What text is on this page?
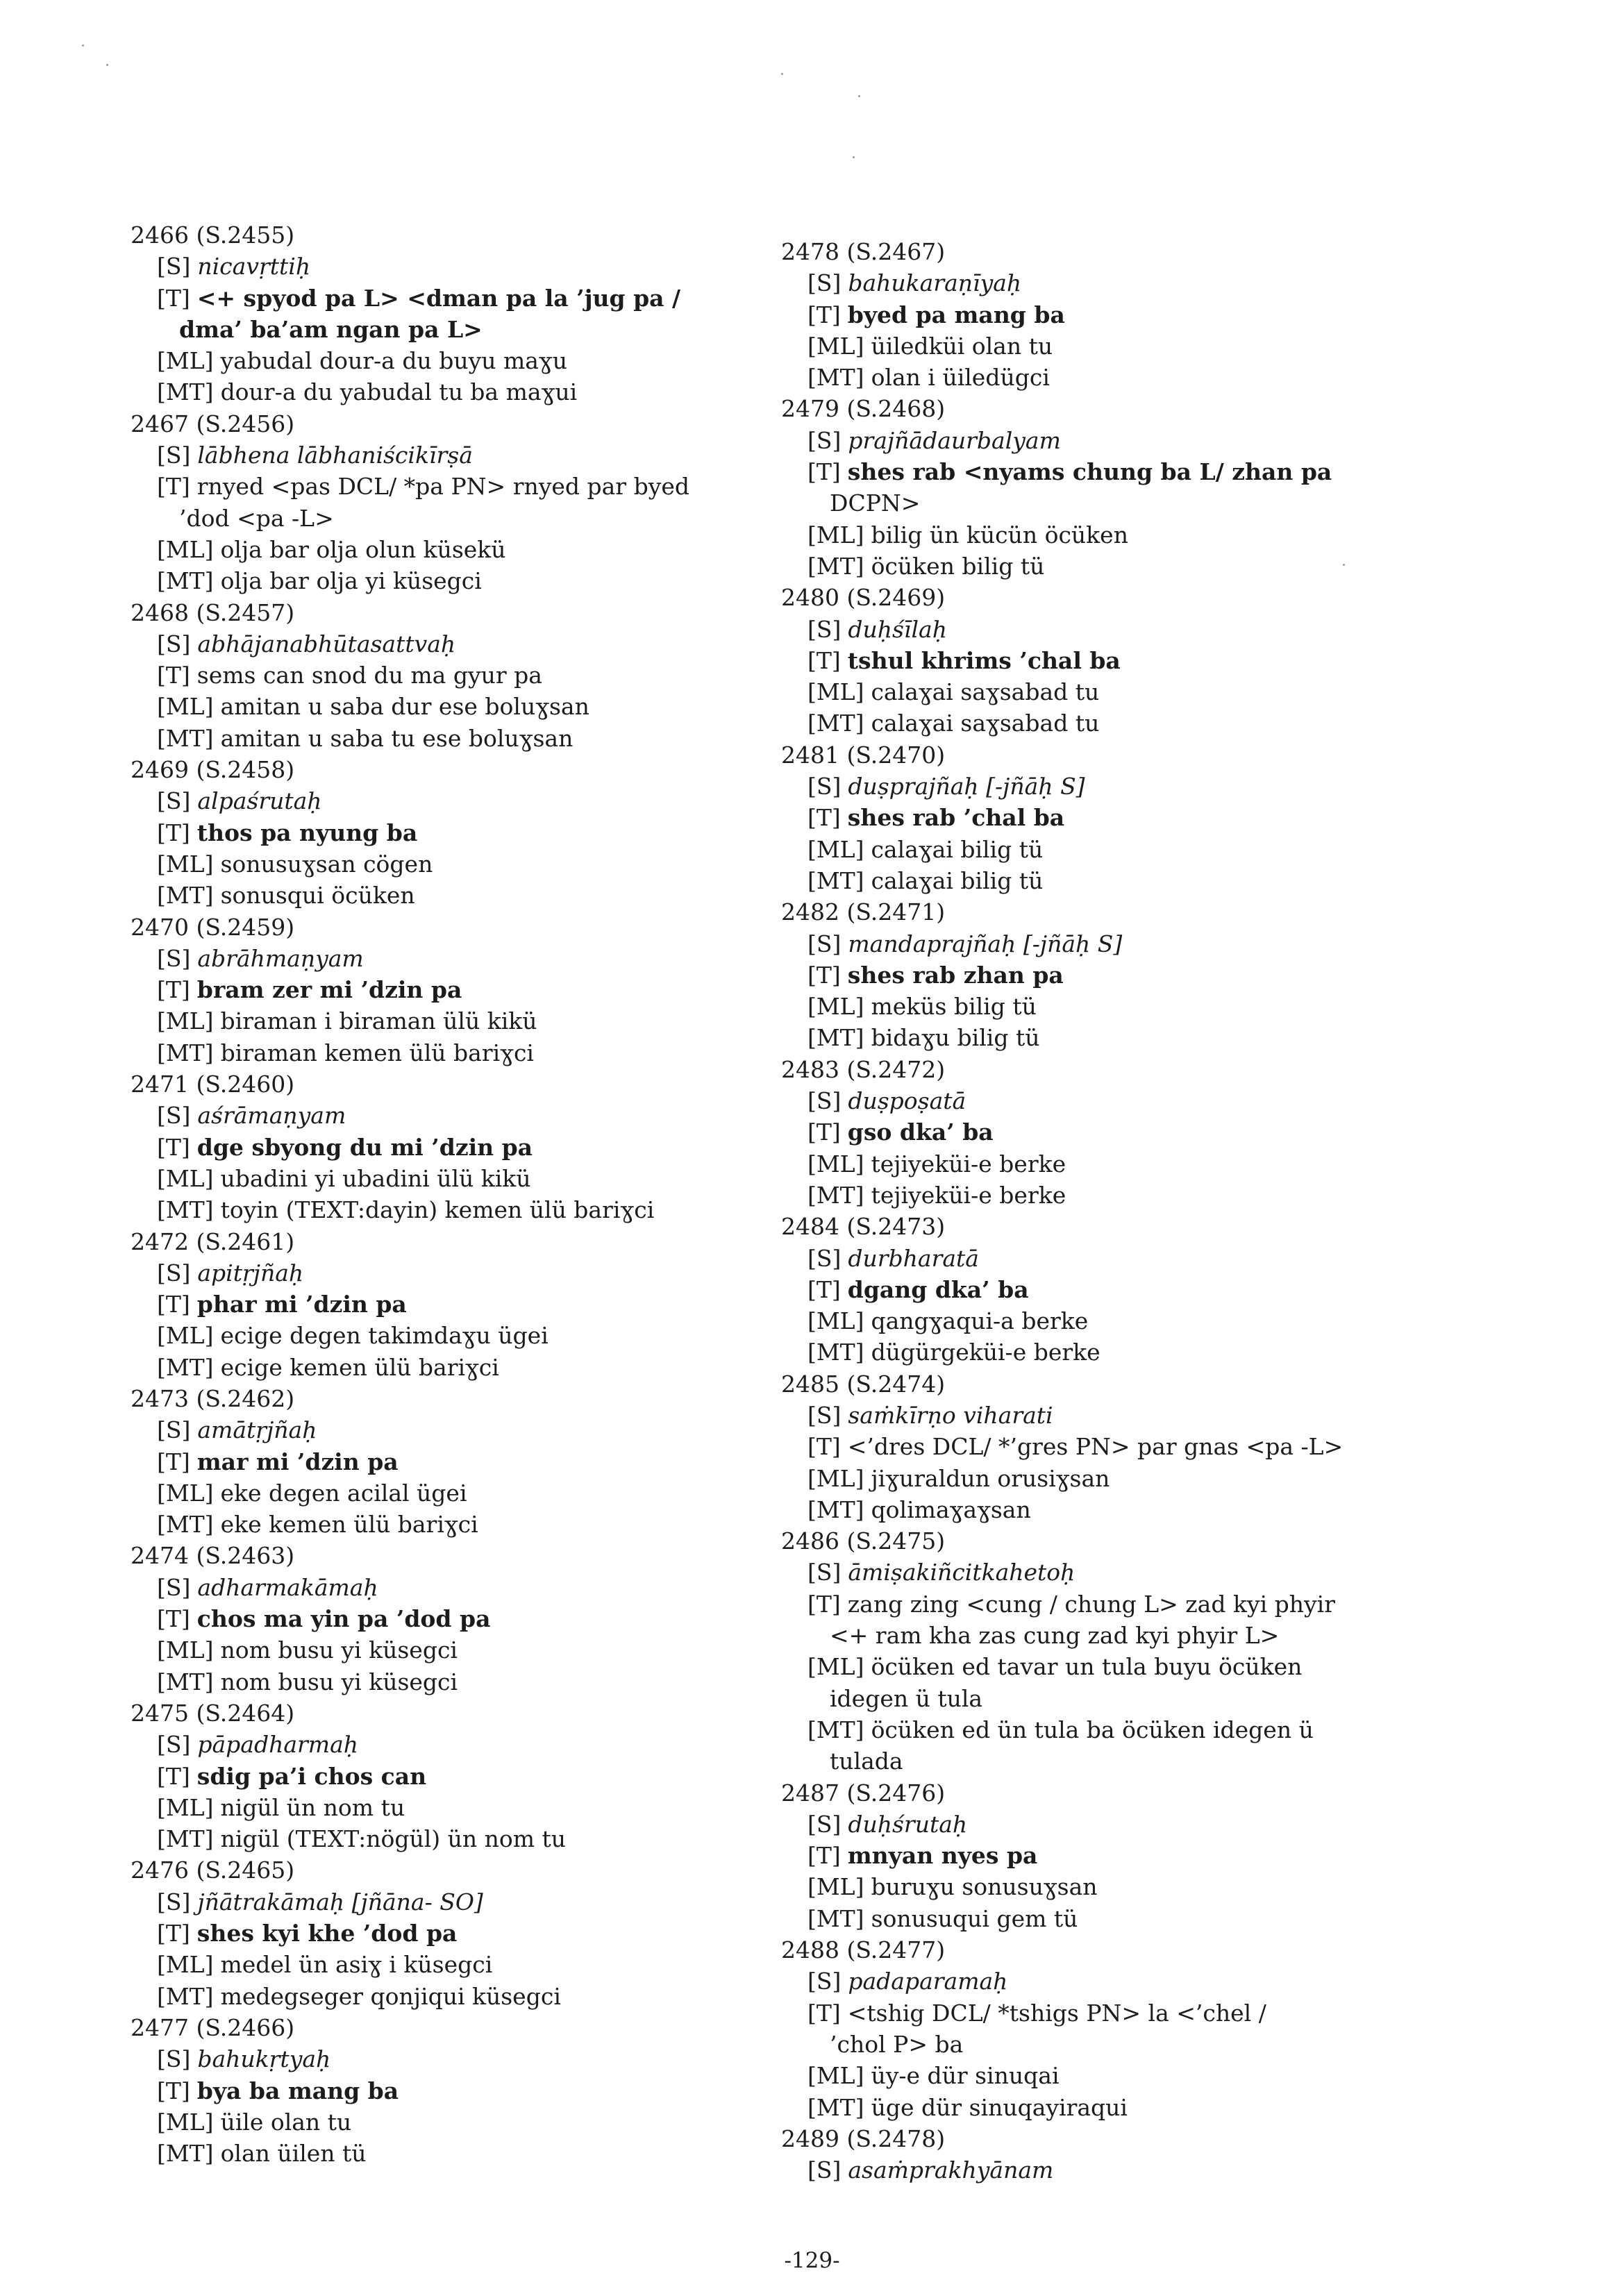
2466 (S.2455)
[S] nicavṛttiḥ
[T] <+ spyod pa L> <dman pa la ’jug pa /
dma’ ba’am ngan pa L>
[ML] yabudal dour-a du buyu maɣu
[MT] dour-a du yabudal tu ba maɣui
2467 (S.2456)
[S] lābhena lābhaniścikīrṣā
[T] rnyed <pas DCL/ *pa PN> rnyed par byed
’dod <pa -L>
[ML] olja bar olja olun küsekü
[MT] olja bar olja yi küsegci
2468 (S.2457)
[S] abhājanabhūtasattvaḥ
[T] sems can snod du ma gyur pa
[ML] amitan u saba dur ese boluɣsan
[MT] amitan u saba tu ese boluɣsan
2469 (S.2458)
[S] alpaśrutaḥ
[T] thos pa nyung ba
[ML] sonusuɣsan cögen
[MT] sonusqui öcüken
2470 (S.2459)
[S] abrāhmaṇyam
[T] bram zer mi ’dzin pa
[ML] biraman i biraman ülü kikü
[MT] biraman kemen ülü bariɣci
2471 (S.2460)
[S] aśrāmaṇyam
[T] dge sbyong du mi ’dzin pa
[ML] ubadini yi ubadini ülü kikü
[MT] toyin (TEXT:dayin) kemen ülü bariɣci
2472 (S.2461)
[S] apitṛjñaḥ
[T] phar mi ’dzin pa
[ML] ecige degen takimdaɣu ügei
[MT] ecige kemen ülü bariɣci
2473 (S.2462)
[S] amātṛjñaḥ
[T] mar mi ’dzin pa
[ML] eke degen acilal ügei
[MT] eke kemen ülü bariɣci
2474 (S.2463)
[S] adharmakāmaḥ
[T] chos ma yin pa ’dod pa
[ML] nom busu yi küsegci
[MT] nom busu yi küsegci
2475 (S.2464)
[S] pāpadharmaḥ
[T] sdig pa’i chos can
[ML] nigül ün nom tu
[MT] nigül (TEXT:nögül) ün nom tu
2476 (S.2465)
[S] jñātrakāmaḥ [jñāna- SO]
[T] shes kyi khe ’dod pa
[ML] medel ün asiɣ i küsegci
[MT] medegseger qonjiqui küsegci
2477 (S.2466)
[S] bahukṛtyaḥ
[T] bya ba mang ba
[ML] üile olan tu
[MT] olan üilen tü
2478 (S.2467)
[S] bahukaraṇīyaḥ
[T] byed pa mang ba
[ML] üiledküi olan tu
[MT] olan i üiledügci
2479 (S.2468)
[S] prajñādaurbalyam
[T] shes rab <nyams chung ba L/ zhan pa
DCPN>
[ML] bilig ün kücün öcüken
[MT] öcüken bilig tü
2480 (S.2469)
[S] duḥśīlaḥ
[T] tshul khrims ’chal ba
[ML] calaɣai saɣsabad tu
[MT] calaɣai saɣsabad tu
2481 (S.2470)
[S] duṣprajñaḥ [-jñāḥ S]
[T] shes rab ’chal ba
[ML] calaɣai bilig tü
[MT] calaɣai bilig tü
2482 (S.2471)
[S] mandaprajñaḥ [-jñāḥ S]
[T] shes rab zhan pa
[ML] meküs bilig tü
[MT] bidaɣu bilig tü
2483 (S.2472)
[S] duṣpoṣatā
[T] gso dka’ ba
[ML] tejiyeküi-e berke
[MT] tejiyeküi-e berke
2484 (S.2473)
[S] durbharatā
[T] dgang dka’ ba
[ML] qangɣaqui-a berke
[MT] dügürgeküi-e berke
2485 (S.2474)
[S] saṁkīrṇo viharati
[T] <’dres DCL/ *’gres PN> par gnas <pa -L>
[ML] jiɣuraldun orusiɣsan
[MT] qolimaɣaɣsan
2486 (S.2475)
[S] āmiṣakiñcitkahetoḥ
[T] zang zing <cung / chung L> zad kyi phyir
<+ ram kha zas cung zad kyi phyir L>
[ML] öcüken ed tavar un tula buyu öcüken
idegen ü tula
[MT] öcüken ed ün tula ba öcüken idegen ü
tulada
2487 (S.2476)
[S] duḥśrutaḥ
[T] mnyan nyes pa
[ML] buruɣu sonusuɣsan
[MT] sonusuqui gem tü
2488 (S.2477)
[S] padaparamaḥ
[T] <tshig DCL/ *tshigs PN> la <’chel /
’chol P> ba
[ML] üy-e dür sinuqai
[MT] üge dür sinuqayiraqui
2489 (S.2478)
[S] asaṁprakhyānam
-129-
